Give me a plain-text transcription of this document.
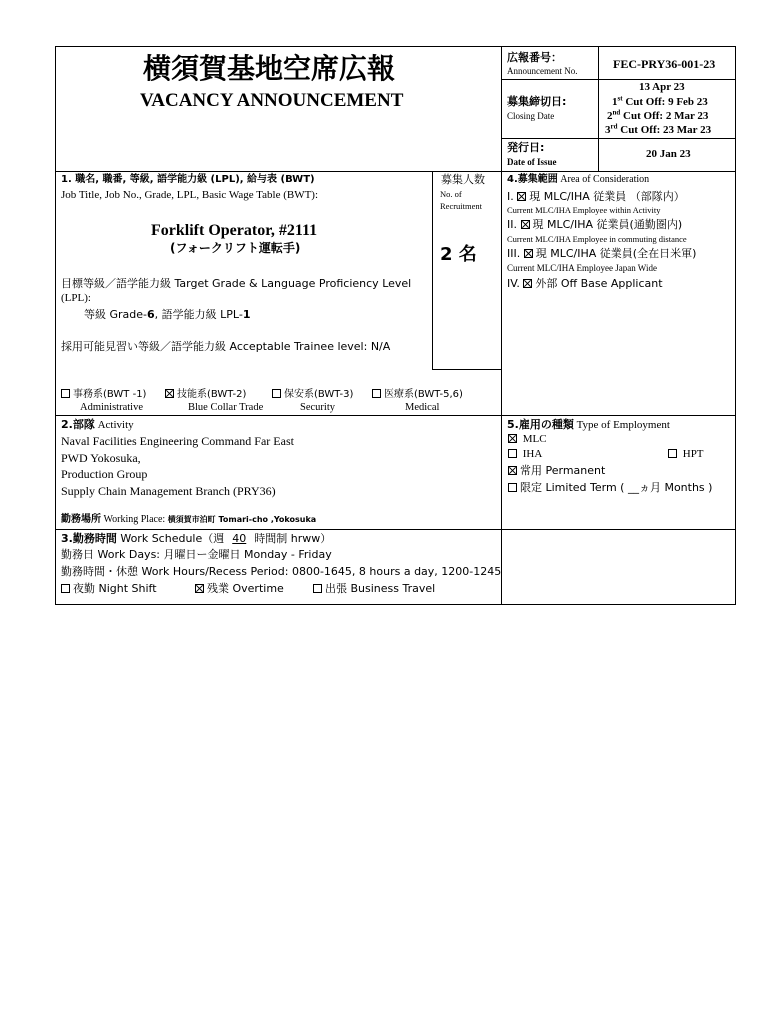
横須賀基地空席広報
VACANCY ANNOUNCEMENT
広報番号：
Announcement No.	FEC-PRY36-001-23
募集締切日:
Closing Date
13 Apr 23
1st Cut Off: 9 Feb 23
2nd Cut Off: 2 Mar 23
3rd Cut Off: 23 Mar 23
発行日:
Date of Issue
20 Jan 23
1. 職名, 職番, 等級, 語学能力級 (LPL), 給与表 (BWT)
Job Title, Job No., Grade, LPL, Basic Wage Table (BWT):
Forklift Operator, #2111
(フォークリフト運転手)
目標等級／語学能力級 Target Grade & Language Proficiency Level
(LPL):
等級 Grade-6, 語学能力級 LPL-1
採用可能見習い等級／語学能力級 Acceptable Trainee level: N/A
募集人数
No. of
Recruitment
2 名
事務系(BWT -1)
Administrative
技能系(BWT-2)
Blue Collar Trade
保安系(BWT-3)
Security
医療系(BWT-5,6)
Medical
4.募集範囲 Area of Consideration
I. 現 MLC/IHA 従業員 （部隊内）
Current MLC/IHA Employee within Activity
II. 現 MLC/IHA 従業員(通勤圏内)
Current MLC/IHA Employee in commuting distance
III. 現 MLC/IHA 従業員(全在日米軍)
Current MLC/IHA Employee Japan Wide
IV. 外部 Off Base Applicant
2.部隊 Activity
Naval Facilities Engineering Command Far East
PWD Yokosuka,
Production Group
Supply Chain Management Branch (PRY36)
勤務場所 Working Place: 横須賀市泊町 Tomari-cho ,Yokosuka
5.雇用の種類 Type of Employment
MLC
IHA	HPT
常用 Permanent
限定 Limited Term ( __ヵ月 Months )
3.勤務時間 Work Schedule（週 40 時間制 hrww）
勤務日 Work Days: 月曜日ー金曜日 Monday - Friday
勤務時間・休憩 Work Hours/Recess Period: 0800-1645, 8 hours a day, 1200-1245
夜勤 Night Shift	残業 Overtime	出張 Business Travel
